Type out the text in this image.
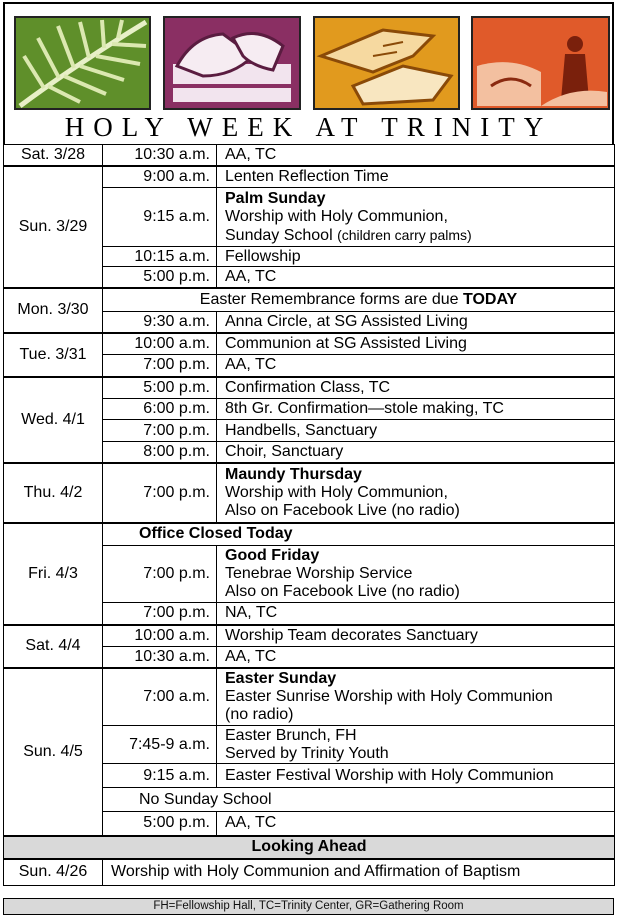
HOLY WEEK AT TRINITY
Sat. 3/28	10:30 a.m.	AA, TC
Sun. 3/29	9:00 a.m.	Lenten Reflection Time
	9:15 a.m.	Palm Sunday
Worship with Holy Communion,
Sunday School (children carry palms)

	10:15 a.m.	Fellowship
	5:00 p.m.	AA, TC
Mon. 3/30	Easter Remembrance forms are due TODAY	
	9:30 a.m.	Anna Circle, at SG Assisted Living
Tue. 3/31	10:00 a.m.	Communion at SG Assisted Living
	7:00 p.m.	AA, TC
Wed. 4/1	5:00 p.m.	Confirmation Class, TC
	6:00 p.m.	8th Gr. Confirmation—stole making, TC
	7:00 p.m.	Handbells, Sanctuary
	8:00 p.m.	Choir, Sanctuary
Thu. 4/2	7:00 p.m.	Maundy Thursday
Worship with Holy Communion,
Also on Facebook Live (no radio)

Fri. 4/3	Office Closed Today	
	7:00 p.m.	Good Friday
Tenebrae Worship Service
Also on Facebook Live (no radio)

	7:00 p.m.	NA, TC
Sat. 4/4	10:00 a.m.	Worship Team decorates Sanctuary
	10:30 a.m.	AA, TC
Sun. 4/5	7:00 a.m.	Easter Sunday
Easter Sunrise Worship with Holy Communion
(no radio)

	7:45-9 a.m.	Easter Brunch, FH
Served by Trinity Youth

	9:15 a.m.	Easter Festival Worship with Holy Communion
	No Sunday School	
	5:00 p.m.	AA, TC
Looking Ahead		
Sun. 4/26	Worship with Holy Communion and Affirmation of Baptism	
FH=Fellowship Hall, TC=Trinity Center, GR=Gathering Room
